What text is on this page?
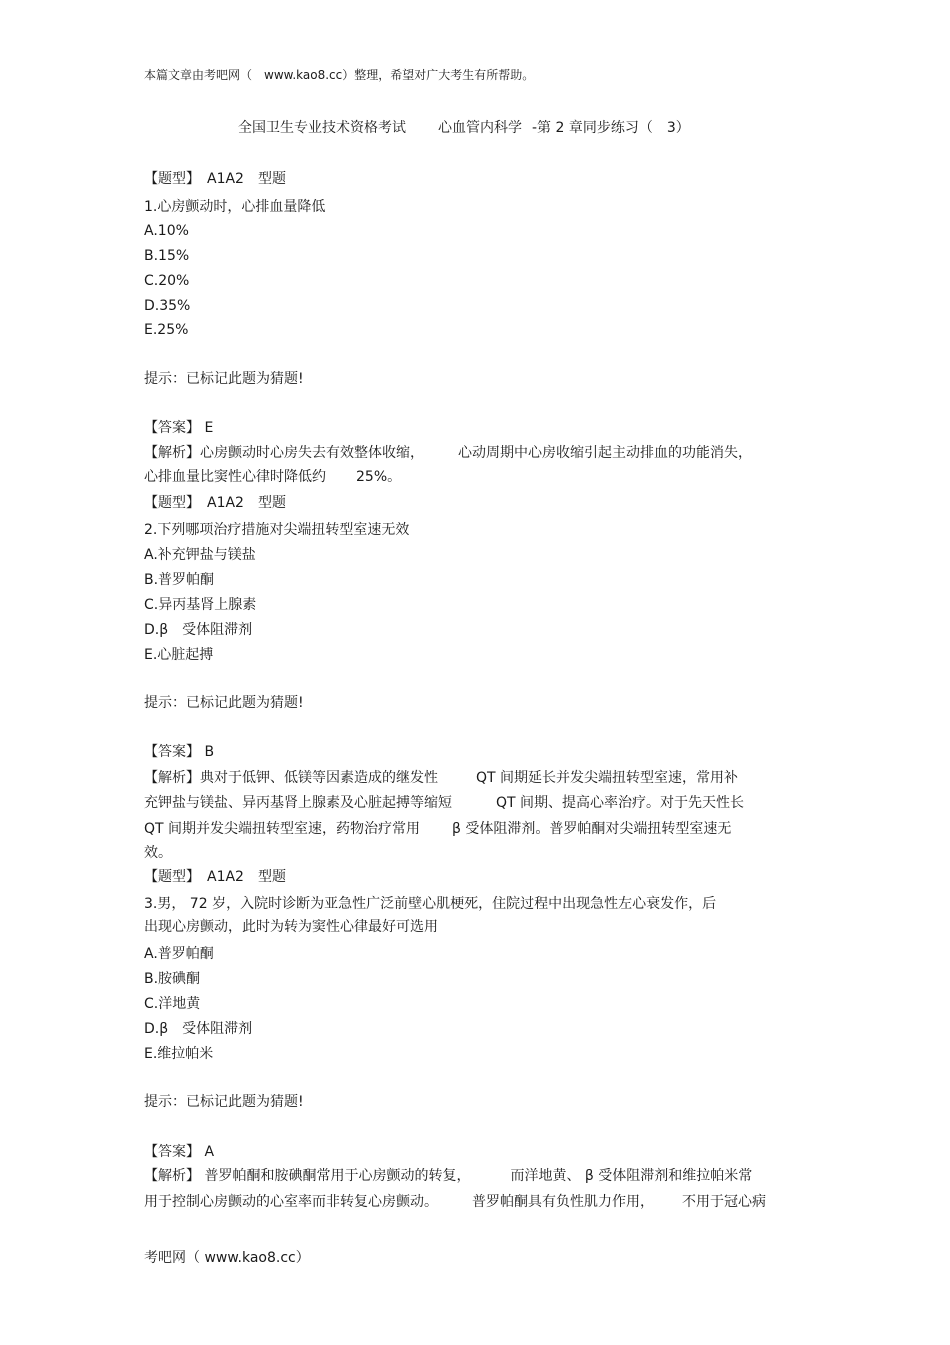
本篇文章由考吧网（　www.kao8.cc）整理，希望对广大考生有所帮助。
全国卫生专业技术资格考试 心血管内科学 -第 2 章同步练习（　3）
【题型】　A1A2　型题
1.心房颤动时，心排血量降低
A.10%
B.15%
C.20%
D.35%
E.25%
提示：已标记此题为猜题!
【答案】 E
【解析】心房颤动时心房失去有效整体收缩， 心动周期中心房收缩引起主动排血的功能消失，
心排血量比窦性心律时降低约 25%。
【题型】　A1A2　型题
2.下列哪项治疗措施对尖端扭转型室速无效
A.补充钾盐与镁盐
B.普罗帕酮
C.异丙基肾上腺素
D.β　受体阻滞剂
E.心脏起搏
提示：已标记此题为猜题!
【答案】 B
【解析】典对于低钾、低镁等因素造成的继发性	QT 间期延长并发尖端扭转型室速，常用补
充钾盐与镁盐、异丙基肾上腺素及心脏起搏等缩短	QT 间期、提高心率治疗。对于先天性长
QT 间期并发尖端扭转型室速，药物治疗常用 β 受体阻滞剂。普罗帕酮对尖端扭转型室速无
效。
【题型】　A1A2　型题
3.男， 72 岁，入院时诊断为亚急性广泛前壁心肌梗死，住院过程中出现急性左心衰发作，后
出现心房颤动，此时为转为窦性心律最好可选用
A.普罗帕酮
B.胺碘酮
C.洋地黄
D.β　受体阻滞剂
E.维拉帕米
提示：已标记此题为猜题!
【答案】 A
【解析】 普罗帕酮和胺碘酮常用于心房颤动的转复，	而洋地黄、 β 受体阻滞剂和维拉帕米常
用于控制心房颤动的心室率而非转复心房颤动。 普罗帕酮具有负性肌力作用， 不用于冠心病
考吧网（ www.kao8.cc）
